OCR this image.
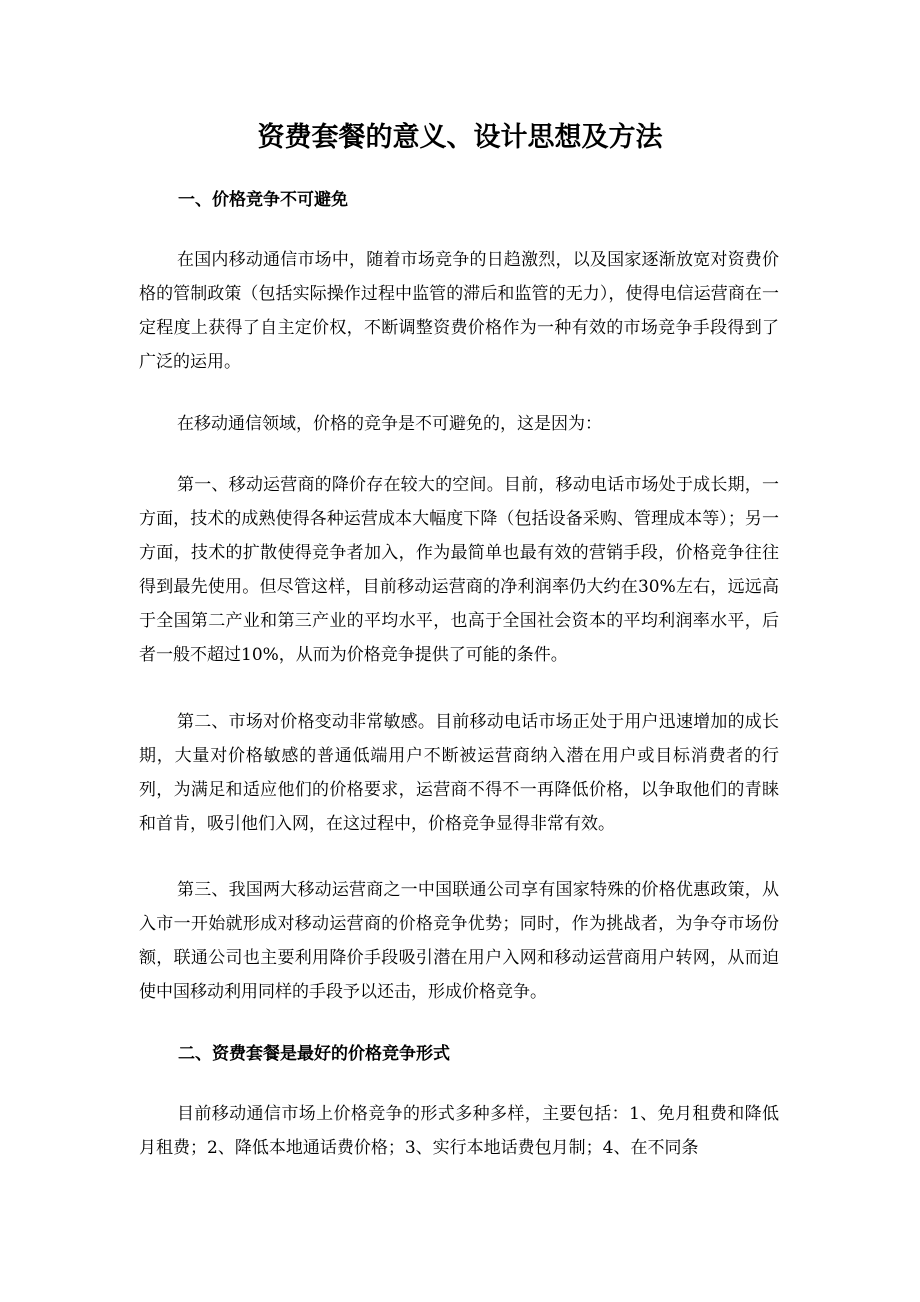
资费套餐的意义、设计思想及方法
一、价格竞争不可避免

在国内移动通信市场中，随着市场竞争的日趋激烈，以及国家逐渐放宽对资费价格的管制政策（包括实际操作过程中监管的滞后和监管的无力），使得电信运营商在一定程度上获得了自主定价权，不断调整资费价格作为一种有效的市场竞争手段得到了广泛的运用。

在移动通信领域，价格的竞争是不可避免的，这是因为：

第一、移动运营商的降价存在较大的空间。目前，移动电话市场处于成长期，一方面，技术的成熟使得各种运营成本大幅度下降（包括设备采购、管理成本等）；另一方面，技术的扩散使得竞争者加入，作为最简单也最有效的营销手段，价格竞争往往得到最先使用。但尽管这样，目前移动运营商的净利润率仍大约在30%左右，远远高于全国第二产业和第三产业的平均水平，也高于全国社会资本的平均利润率水平，后者一般不超过10%，从而为价格竞争提供了可能的条件。

第二、市场对价格变动非常敏感。目前移动电话市场正处于用户迅速增加的成长期，大量对价格敏感的普通低端用户不断被运营商纳入潜在用户或目标消费者的行列，为满足和适应他们的价格要求，运营商不得不一再降低价格，以争取他们的青睐和首肯，吸引他们入网，在这过程中，价格竞争显得非常有效。

第三、我国两大移动运营商之一中国联通公司享有国家特殊的价格优惠政策，从入市一开始就形成对移动运营商的价格竞争优势；同时，作为挑战者，为争夺市场份额，联通公司也主要利用降价手段吸引潜在用户入网和移动运营商用户转网，从而迫使中国移动利用同样的手段予以还击，形成价格竞争。

二、资费套餐是最好的价格竞争形式

目前移动通信市场上价格竞争的形式多种多样，主要包括：1、免月租费和降低月租费；2、降低本地通话费价格；3、实行本地话费包月制；4、在不同条
